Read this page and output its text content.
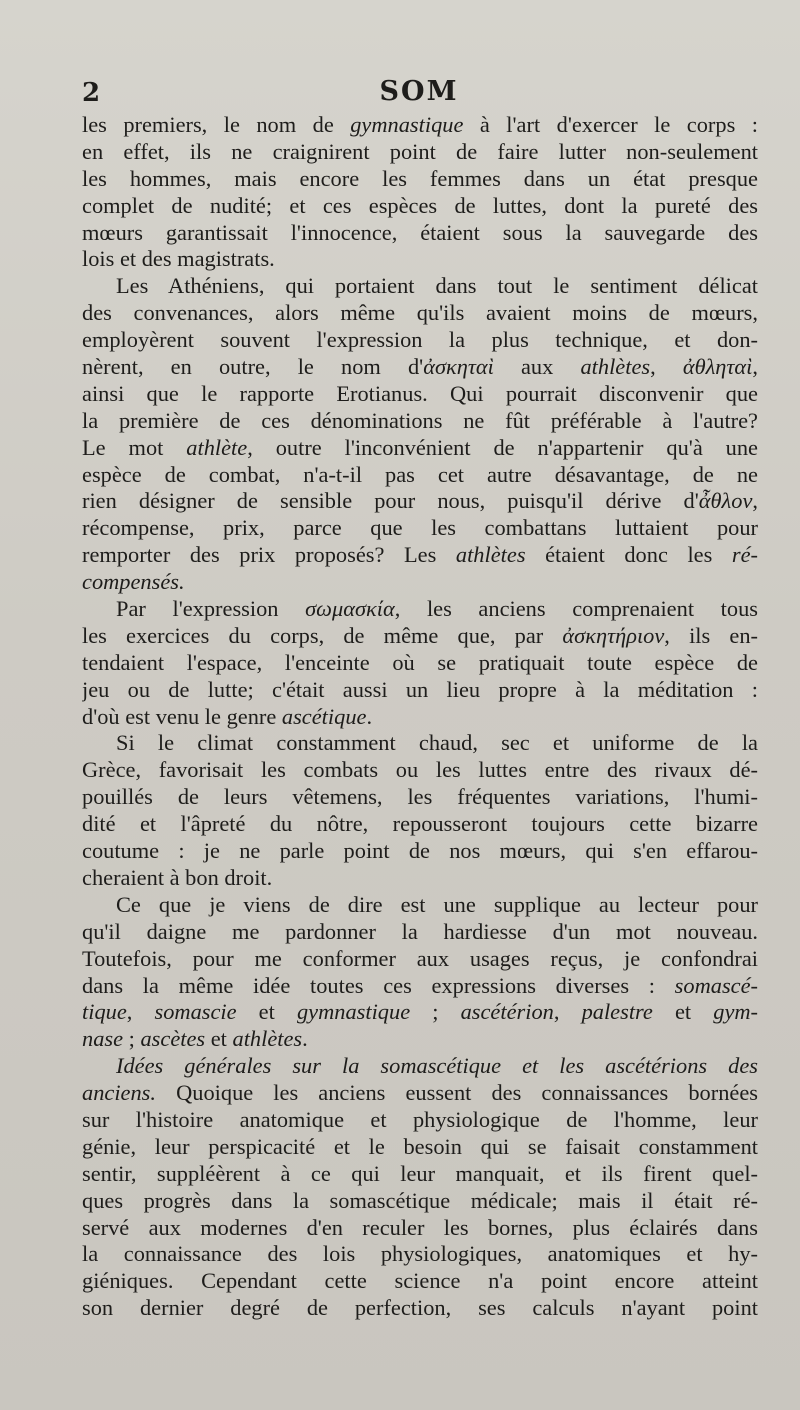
2	SOM
les premiers, le nom de gymnastique à l'art d'exercer le corps :
en effet, ils ne craignirent point de faire lutter non-seulement
les hommes, mais encore les femmes dans un état presque
complet de nudité; et ces espèces de luttes, dont la pureté des
mœurs garantissait l'innocence, étaient sous la sauvegarde des
lois et des magistrats.
Les Athéniens, qui portaient dans tout le sentiment délicat
des convenances, alors même qu'ils avaient moins de mœurs,
employèrent souvent l'expression la plus technique, et don-
nèrent, en outre, le nom d'ἀσκηταὶ aux athlètes, ἀθληταὶ,
ainsi que le rapporte Erotianus. Qui pourrait disconvenir que
la première de ces dénominations ne fût préférable à l'autre?
Le mot athlète, outre l'inconvénient de n'appartenir qu'à une
espèce de combat, n'a-t-il pas cet autre désavantage, de ne
rien désigner de sensible pour nous, puisqu'il dérive d'ἆθλον,
récompense, prix, parce que les combattans luttaient pour
remporter des prix proposés? Les athlètes étaient donc les ré-
compensés.
Par l'expression σωμασκία, les anciens comprenaient tous
les exercices du corps, de même que, par ἀσκητήριον, ils en-
tendaient l'espace, l'enceinte où se pratiquait toute espèce de
jeu ou de lutte; c'était aussi un lieu propre à la méditation :
d'où est venu le genre ascétique.
Si le climat constamment chaud, sec et uniforme de la
Grèce, favorisait les combats ou les luttes entre des rivaux dé-
pouillés de leurs vêtemens, les fréquentes variations, l'humi-
dité et l'âpreté du nôtre, repousseront toujours cette bizarre
coutume : je ne parle point de nos mœurs, qui s'en effarou-
cheraient à bon droit.
Ce que je viens de dire est une supplique au lecteur pour
qu'il daigne me pardonner la hardiesse d'un mot nouveau.
Toutefois, pour me conformer aux usages reçus, je confondrai
dans la même idée toutes ces expressions diverses : somascé-
tique, somascie et gymnastique ; ascétérion, palestre et gym-
nase ; ascètes et athlètes.
Idées générales sur la somascétique et les ascétérions des
anciens. Quoique les anciens eussent des connaissances bornées
sur l'histoire anatomique et physiologique de l'homme, leur
génie, leur perspicacité et le besoin qui se faisait constamment
sentir, suppléèrent à ce qui leur manquait, et ils firent quel-
ques progrès dans la somascétique médicale; mais il était ré-
servé aux modernes d'en reculer les bornes, plus éclairés dans
la connaissance des lois physiologiques, anatomiques et hy-
giéniques. Cependant cette science n'a point encore atteint
son dernier degré de perfection, ses calculs n'ayant point
